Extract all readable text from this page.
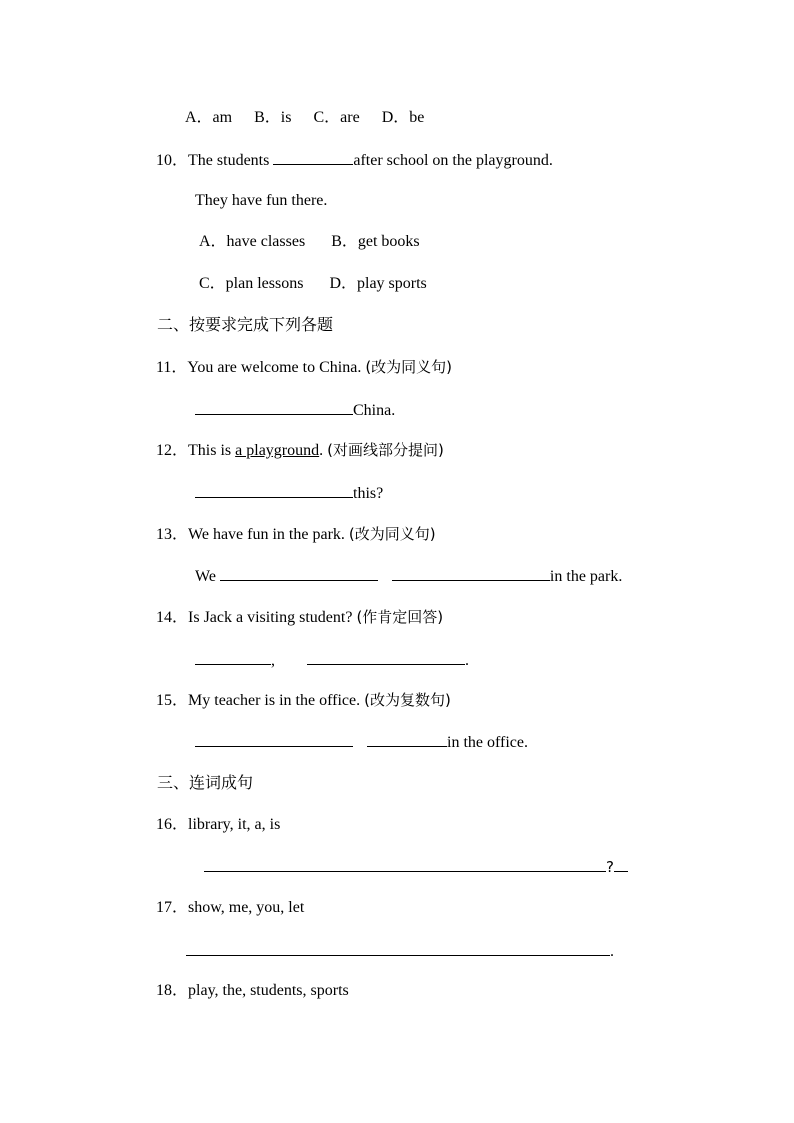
A．am B．is C．are D．be
10．The students	after school on the playground.
They have fun there.
A．have classes B．get books
C．plan lessons D．play sports
二、按要求完成下列各题
11．You are welcome to China. (改为同义句)
China.
12．This is a playground. (对画线部分提问)
this?
13．We have fun in the park. (改为同义句)
We	in the park.
14．Is Jack a visiting student? (作肯定回答)
,	.
15．My teacher is in the office. (改为复数句)
in the office.
三、连词成句
16．library, it, a, is
?
17．show, me, you, let
.
18．play, the, students, sports
